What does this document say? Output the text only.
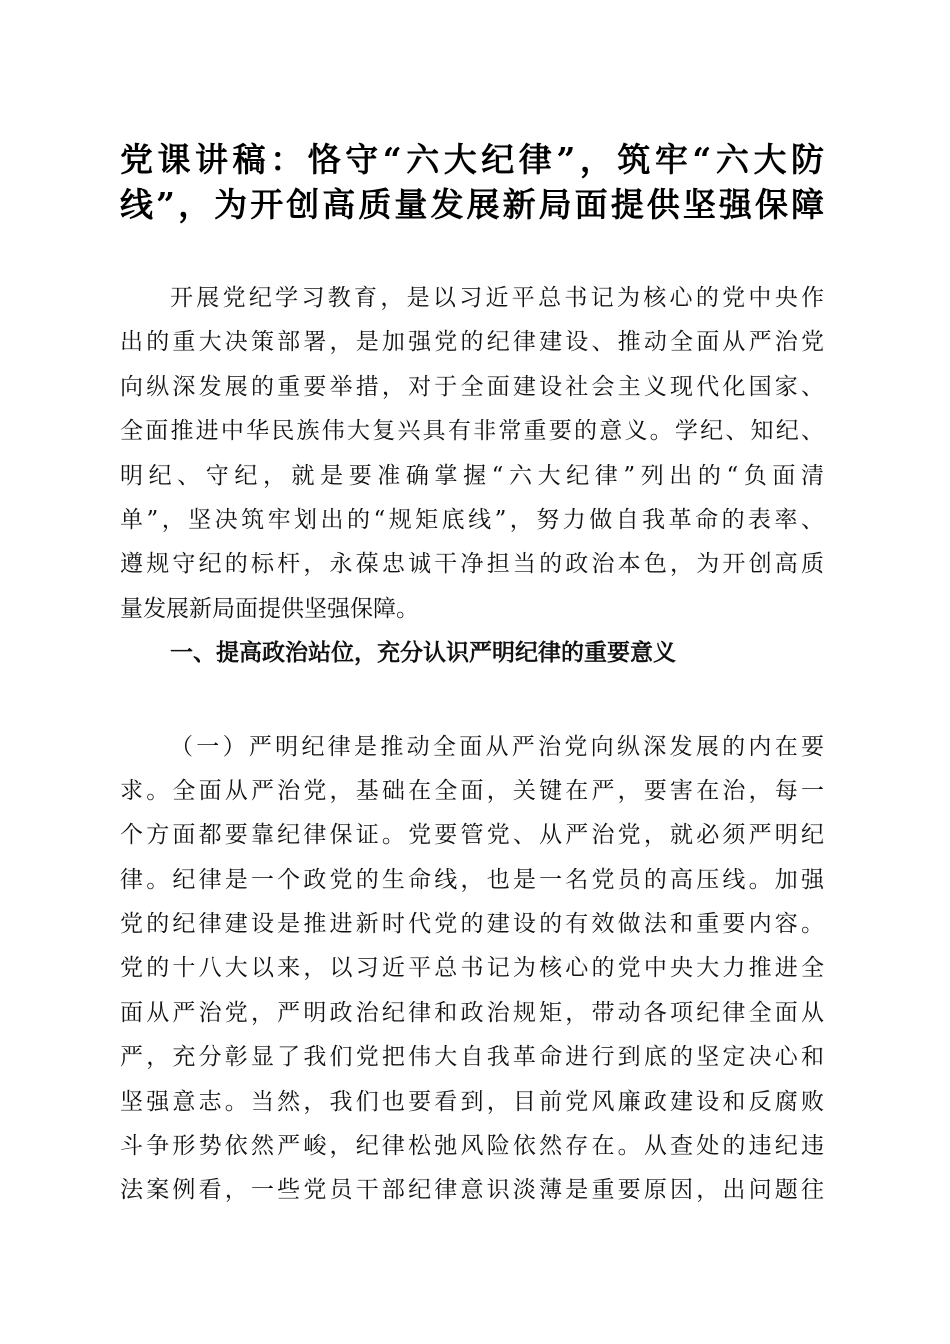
党课讲稿：恪守“六大纪律”，筑牢“六大防
线”，为开创高质量发展新局面提供坚强保障
开展党纪学习教育，是以习近平总书记为核心的党中央作
出的重大决策部署，是加强党的纪律建设、推动全面从严治党
向纵深发展的重要举措，对于全面建设社会主义现代化国家、
全面推进中华民族伟大复兴具有非常重要的意义。学纪、知纪、
明纪、守纪，就是要准确掌握“六大纪律”列出的“负面清
单”，坚决筑牢划出的“规矩底线”，努力做自我革命的表率、
遵规守纪的标杆，永葆忠诚干净担当的政治本色，为开创高质
量发展新局面提供坚强保障。
一、提高政治站位，充分认识严明纪律的重要意义
（一）严明纪律是推动全面从严治党向纵深发展的内在要
求。全面从严治党，基础在全面，关键在严，要害在治，每一
个方面都要靠纪律保证。党要管党、从严治党，就必须严明纪
律。纪律是一个政党的生命线，也是一名党员的高压线。加强
党的纪律建设是推进新时代党的建设的有效做法和重要内容。
党的十八大以来，以习近平总书记为核心的党中央大力推进全
面从严治党，严明政治纪律和政治规矩，带动各项纪律全面从
严，充分彰显了我们党把伟大自我革命进行到底的坚定决心和
坚强意志。当然，我们也要看到，目前党风廉政建设和反腐败
斗争形势依然严峻，纪律松弛风险依然存在。从查处的违纪违
法案例看，一些党员干部纪律意识淡薄是重要原因，出问题往
